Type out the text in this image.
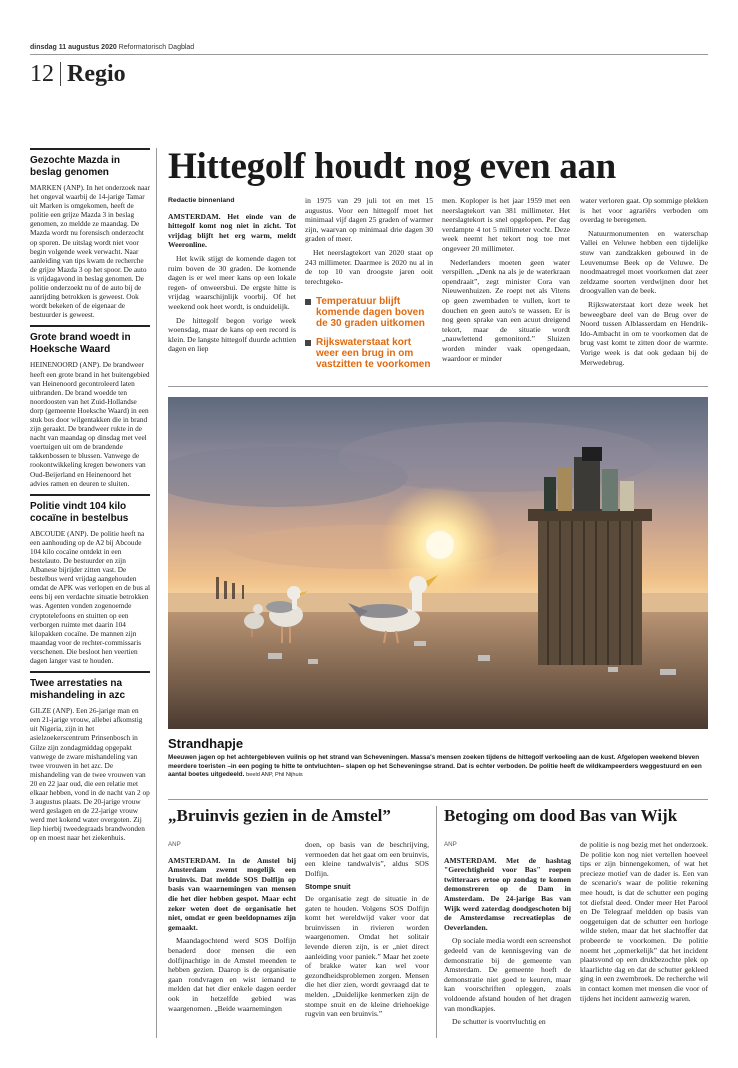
dinsdag 11 augustus 2020 Reformatorisch Dagblad
12 Regio
Gezochte Mazda in beslag genomen

MARKEN (ANP). In het onderzoek naar het ongeval waarbij de 14-jarige Tamar uit Marken is omgekomen, heeft de politie een grijze Mazda 3 in beslag genomen, zo meldde ze maandag. De Mazda wordt nu forensisch onderzocht op sporen. De uitslag wordt niet voor begin volgende week verwacht. Naar aanleiding van tips kwam de recherche de grijze Mazda 3 op het spoor. De auto is vrijdagavond in beslag genomen. De politie onderzoekt nu of de auto bij de aanrijding betrokken is geweest. Ook wordt bekeken of de eigenaar de bestuurder is geweest.

Grote brand woedt in Hoeksche Waard

HEINENOORD (ANP). De brandweer heeft een grote brand in het buitengebied van Heinenoord gecontroleerd laten uitbranden. De brand woedde ten noordoosten van het Zuid-Hollandse dorp (gemeente Hoeksche Waard) in een stuk bos door wilgentakken die in brand zijn geraakt. De brandweer rukte in de nacht van maandag op dinsdag met veel voertuigen uit om de brandende takkenbossen te blussen. Vanwege de rookontwikkeling kregen bewoners van Oud-Beijerland en Heinenoord het advies ramen en deuren te sluiten.

Politie vindt 104 kilo cocaïne in bestelbus

ABCOUDE (ANP). De politie heeft na een aanhouding op de A2 bij Abcoude 104 kilo cocaïne ontdekt in een bestelauto. De bestuurder en zijn Albanese bijrijder zitten vast. De bestelbus werd vrijdag aangehouden omdat de APK was verlopen en de bus al eens bij een verdachte situatie betrokken was. Agenten vonden zogenoemde cryptotelefoons en stuitten op een verborgen ruimte met daarin 104 kilopakken cocaïne. De mannen zijn maandag voor de rechter-commissaris verschenen. Die besloot hen veertien dagen langer vast te houden.

Twee arrestaties na mishandeling in azc

GILZE (ANP). Een 26-jarige man en een 21-jarige vrouw, allebei afkomstig uit Nigeria, zijn in het asielzoekerscentrum Prinsenbosch in Gilze zijn zondagmiddag opgepakt vanwege de zware mishandeling van twee vrouwen in het azc. De mishandeling van de twee vrouwen van 20 en 22 jaar oud, die een relatie met elkaar hebben, vond in de nacht van 2 op 3 augustus plaats. De 20-jarige vrouw werd geslagen en de 22-jarige vrouw werd met kokend water overgoten. Zij liep hierbij tweedegraads brandwonden op en moest naar het ziekenhuis.

Hittegolf houdt nog even aan
Redactie binnenland

AMSTERDAM. Het einde van de hittegolf komt nog niet in zicht. Tot vrijdag blijft het erg warm, meldt Weeronline.

Het kwik stijgt de komende dagen tot ruim boven de 30 graden. De komende dagen is er wel meer kans op een lokale regen- of onweersbui. De ergste hitte is vrijdag waarschijnlijk voorbij. Of het weekend ook heet wordt, is onduidelijk.

De hittegolf begon vorige week woensdag, maar de kans op een record is klein. De langste hittegolf duurde achttien dagen en liep

in 1975 van 29 juli tot en met 15 augustus. Voor een hittegolf moet het minimaal vijf dagen 25 graden of warmer zijn, waarvan op minimaal drie dagen 30 graden of meer.

Het neerslagtekort van 2020 staat op 243 millimeter. Daarmee is 2020 nu al in de top 10 van droogste jaren ooit terechtgeko-

Temperatuur blijft komende dagen boven de 30 graden uitkomen
Rijkswaterstaat kort weer een brug in om vastzitten te voorkomen

men. Koploper is het jaar 1959 met een neerslagtekort van 381 millimeter. Het neerslagtekort is snel opgelopen. Per dag verdampte 4 tot 5 millimeter vocht. Deze week neemt het tekort nog toe met ongeveer 20 millimeter.

Nederlanders moeten geen water verspillen. „Denk na als je de waterkraan opendraait”, zegt minister Cora van Nieuwenhuizen. Ze roept net als Vitens op geen zwembaden te vullen, kort te douchen en geen auto's te wassen. Er is nog geen sprake van een acuut dreigend tekort, maar de situatie wordt „nauwlettend gemonitord.” Sluizen worden minder vaak opengedaan, waardoor er minder

water verloren gaat. Op sommige plekken is het voor agrariërs verboden om overdag te beregenen.

Natuurmonumenten en waterschap Vallei en Veluwe hebben een tijdelijke stuw van zandzakken gebouwd in de Leuvenumse Beek op de Veluwe. De noodmaatregel moet voorkomen dat zeer zeldzame soorten verdwijnen door het droogvallen van de beek.

Rijkswaterstaat kort deze week het beweegbare deel van de Brug over de Noord tussen Alblasserdam en Hendrik-Ido-Ambacht in om te voorkomen dat de brug vast komt te zitten door de warmte. Vorige week is dat ook gedaan bij de Merwedebrug.

Strandhapje

Meeuwen jagen op het achtergebleven vuilnis op het strand van Scheveningen. Massa's mensen zoeken tijdens de hittegolf verkoeling aan de kust. Afgelopen weekend bleven meerdere toeristen –in een poging te hitte te ontvluchten– slapen op het Scheveningse strand. Dat is echter verboden. De politie heeft de wildkampeerders weggestuurd en een aantal boetes uitgedeeld. beeld ANP, Phil Nijhuis

„Bruinvis gezien in de Amstel”
ANP

AMSTERDAM. In de Amstel bij Amsterdam zwemt mogelijk een bruinvis. Dat meldde SOS Dolfijn op basis van waarnemingen van mensen die het dier hebben gespot. Maar echt zeker weten doet de organisatie het niet, omdat er geen beeldopnames zijn gemaakt.

Maandagochtend werd SOS Dolfijn benaderd door mensen die een dolfijnachtige in de Amstel meenden te hebben gezien. Daarop is de organisatie gaan rondvragen en wist iemand te melden dat het dier enkele dagen eerder ook in hetzelfde gebied was waargenomen. „Beide waarnemingen

doen, op basis van de beschrijving, vermoeden dat het gaat om een bruinvis, een kleine tandwalvis”, aldus SOS Dolfijn.

Stompe snuit

De organisatie zegt de situatie in de gaten te houden. Volgens SOS Dolfijn komt het wereldwijd vaker voor dat bruinvissen in rivieren worden waargenomen. Omdat het solitair levende dieren zijn, is er „niet direct aanleiding voor paniek.” Maar het zoete of brakke water kan wel voor gezondheidsproblemen zorgen. Mensen die het dier zien, wordt gevraagd dat te melden. „Duidelijke kenmerken zijn de stompe snuit en de kleine driehoekige rugvin van een bruinvis.”

Betoging om dood Bas van Wijk
ANP

AMSTERDAM. Met de hashtag "Gerechtigheid voor Bas" roepen twitteraars ertoe op zondag te komen demonstreren op de Dam in Amsterdam. De 24-jarige Bas van Wijk werd zaterdag doodgeschoten bij de Amsterdamse recreatieplas de Oeverlanden.

Op sociale media wordt een screenshot gedeeld van de kennisgeving van de demonstratie bij de gemeente van Amsterdam. De gemeente hoeft de demonstratie niet goed te keuren, maar kan voorschriften opleggen, zoals voldoende afstand houden of het dragen van mondkapjes.

De schutter is voortvluchtig en

de politie is nog bezig met het onderzoek. De politie kon nog niet vertellen hoeveel tips er zijn binnengekomen, of wat het precieze motief van de dader is. Een van de scenario's waar de politie rekening mee houdt, is dat de schutter een poging tot diefstal deed. Onder meer Het Parool en De Telegraaf meldden op basis van ooggetuigen dat de schutter een horloge wilde stelen, maar dat het slachtoffer dat probeerde te voorkomen. De politie noemt het „opmerkelijk” dat het incident plaatsvond op een drukbezochte plek op klaarlichte dag en dat de schutter gekleed ging in een zwembroek. De recherche wil in contact komen met mensen die voor of tijdens het incident aanwezig waren.
